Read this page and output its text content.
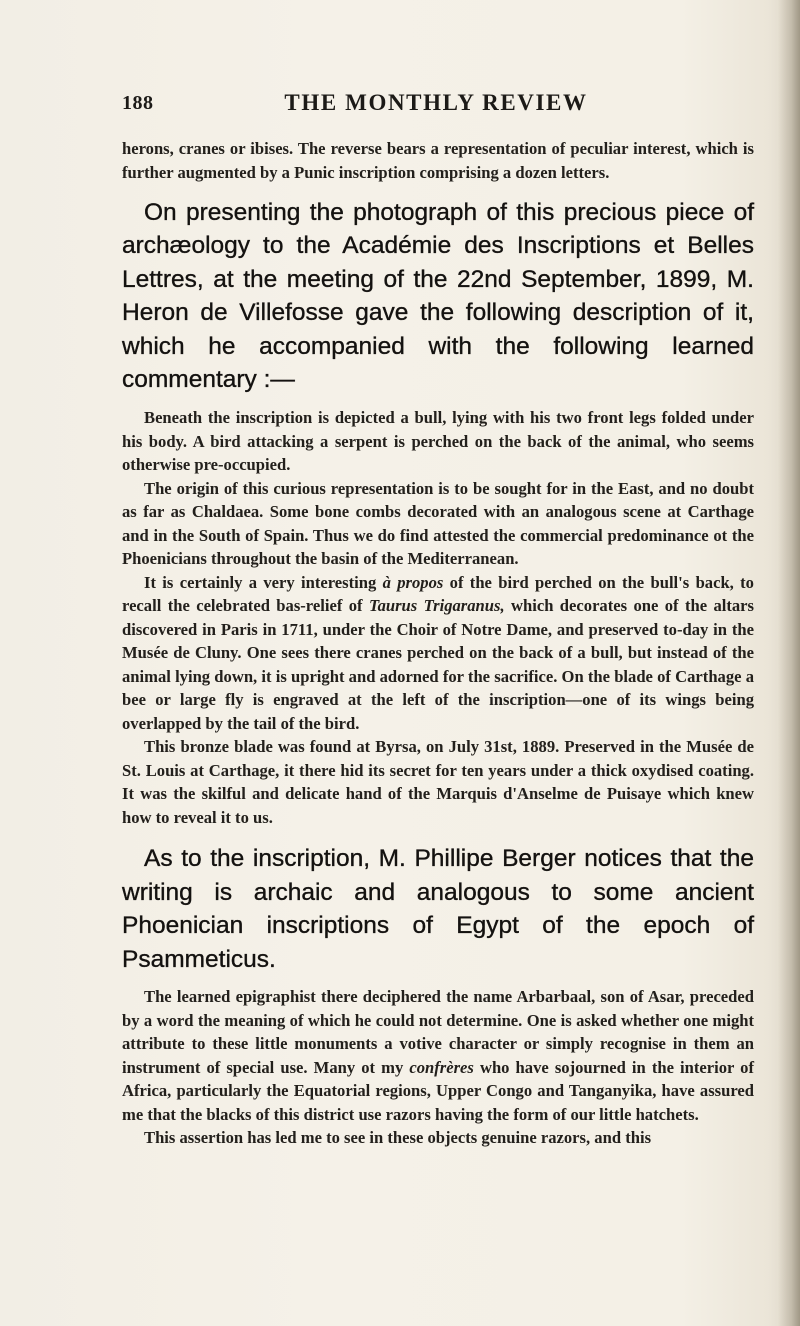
188	THE MONTHLY REVIEW

herons, cranes or ibises. The reverse bears a representation of peculiar interest, which is further augmented by a Punic inscription comprising a dozen letters.

On presenting the photograph of this precious piece of archæology to the Académie des Inscriptions et Belles Lettres, at the meeting of the 22nd September, 1899, M. Heron de Villefosse gave the following description of it, which he accompanied with the following learned commentary :—

Beneath the inscription is depicted a bull, lying with his two front legs folded under his body. A bird attacking a serpent is perched on the back of the animal, who seems otherwise pre-occupied.

The origin of this curious representation is to be sought for in the East, and no doubt as far as Chaldaea. Some bone combs decorated with an analogous scene at Carthage and in the South of Spain. Thus we do find attested the commercial predominance ot the Phoenicians throughout the basin of the Mediterranean.

It is certainly a very interesting à propos of the bird perched on the bull's back, to recall the celebrated bas-relief of Taurus Trigaranus, which decorates one of the altars discovered in Paris in 1711, under the Choir of Notre Dame, and preserved to-day in the Musée de Cluny. One sees there cranes perched on the back of a bull, but instead of the animal lying down, it is upright and adorned for the sacrifice. On the blade of Carthage a bee or large fly is engraved at the left of the inscription—one of its wings being overlapped by the tail of the bird.

This bronze blade was found at Byrsa, on July 31st, 1889. Preserved in the Musée de St. Louis at Carthage, it there hid its secret for ten years under a thick oxydised coating. It was the skilful and delicate hand of the Marquis d'Anselme de Puisaye which knew how to reveal it to us.

As to the inscription, M. Phillipe Berger notices that the writing is archaic and analogous to some ancient Phoenician inscriptions of Egypt of the epoch of Psammeticus.

The learned epigraphist there deciphered the name Arbarbaal, son of Asar, preceded by a word the meaning of which he could not determine. One is asked whether one might attribute to these little monuments a votive character or simply recognise in them an instrument of special use. Many ot my confrères who have sojourned in the interior of Africa, particularly the Equatorial regions, Upper Congo and Tanganyika, have assured me that the blacks of this district use razors having the form of our little hatchets.

This assertion has led me to see in these objects genuine razors, and this
